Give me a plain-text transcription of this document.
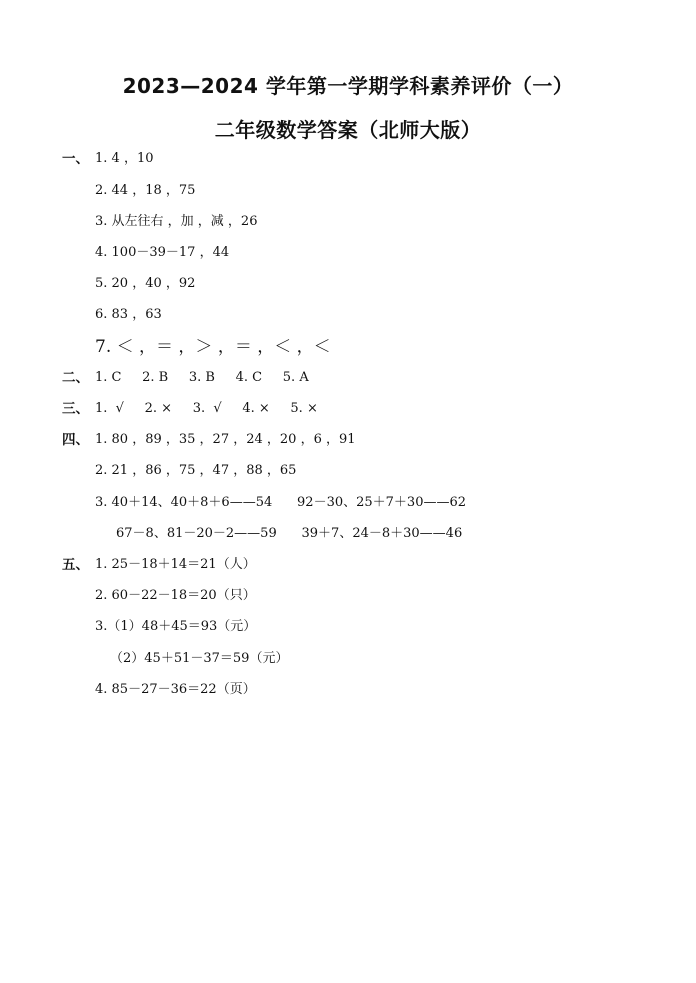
2023—2024 学年第一学期学科素养评价（一）
二年级数学答案（北师大版）
一、 1. 4 ，10
2. 44 ，18 ，75
3. 从左往右 ，加 ，减 ，26
4. 100－39－17 ，44
5. 20 ，40 ，92
6. 83 ，63
7. ＜ ，＝ ，＞ ，＝ ，＜ ，＜
二、 1. C     2. B     3. B     4. C     5. A
三、 1.  √     2. ×     3.  √     4. ×     5. ×
四、 1. 80 ，89 ，35 ，27 ，24 ，20 ，6 ，91
2. 21 ，86 ，75 ，47 ，88 ，65
3. 40＋14、40＋8＋6——54      92－30、25＋7＋30——62
67－8、81－20－2——59      39＋7、24－8＋30——46
五、 1. 25－18＋14＝21（人）
2. 60－22－18＝20（只）
3.（1）48＋45＝93（元）
（2）45＋51－37＝59（元）
4. 85－27－36＝22（页）
